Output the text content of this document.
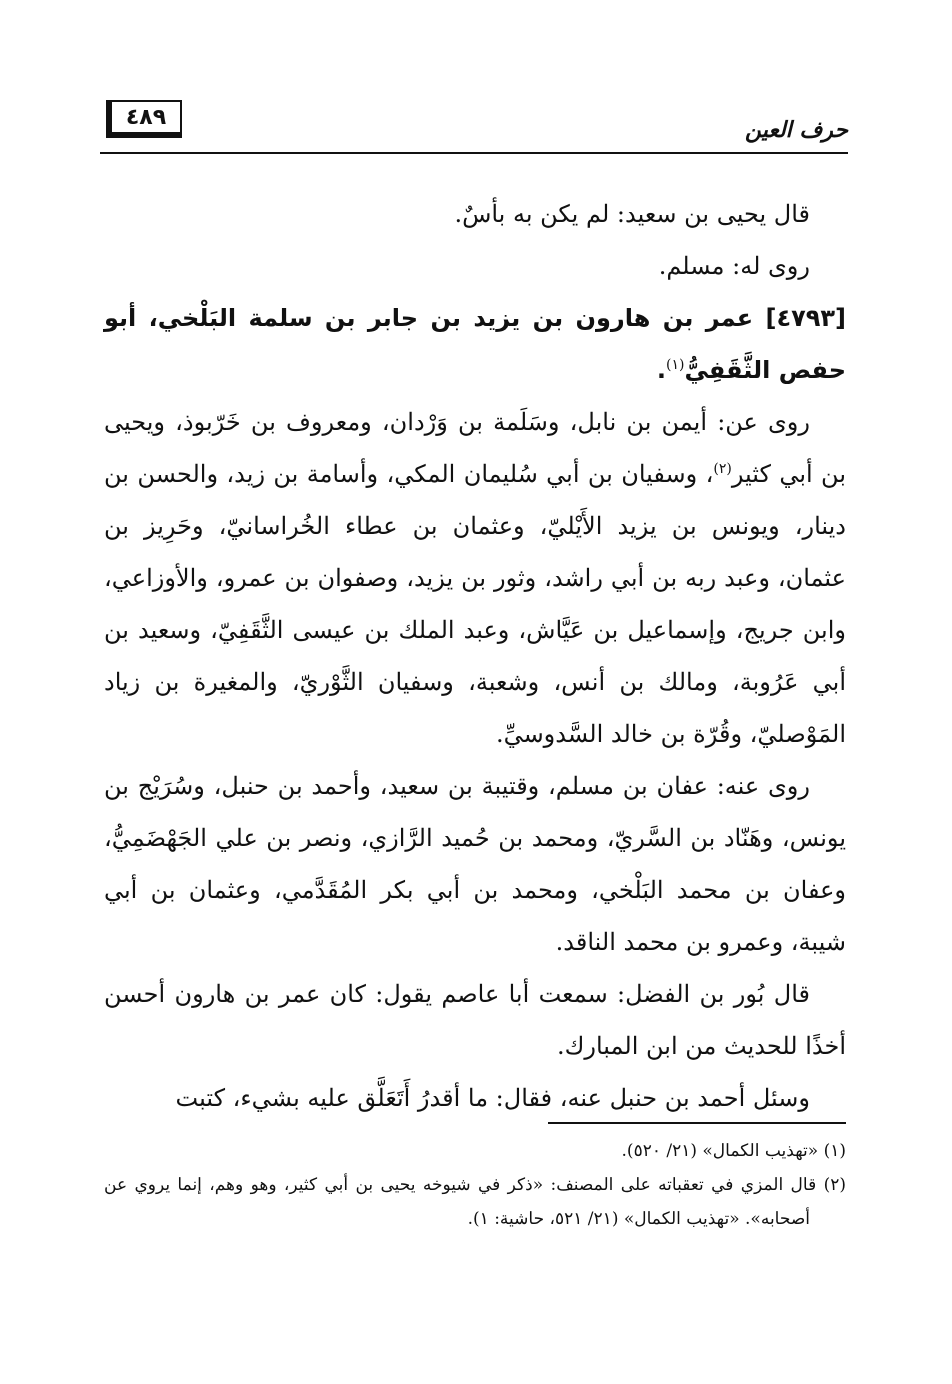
٤٨٩
حرف العين

قال يحيى بن سعيد: لم يكن به بأسٌ.

روى له: مسلم.

[٤٧٩٣] عمر بن هارون بن يزيد بن جابر بن سلمة البَلْخي، أبو حفص الثَّقَفِيُّ$^{(١)}$.

روى عن: أيمن بن نابل، وسَلَمة بن وَرْدان، ومعروف بن خَرّبوذ، ويحيى بن أبي كثير$^{(٢)}$، وسفيان بن أبي سُليمان المكي، وأسامة بن زيد، والحسن بن دينار، ويونس بن يزيد الأَيْليّ، وعثمان بن عطاء الخُراسانيّ، وحَرِيز بن عثمان، وعبد ربه بن أبي راشد، وثور بن يزيد، وصفوان بن عمرو، والأوزاعي، وابن جريج، وإسماعيل بن عَيَّاش، وعبد الملك بن عيسى الثَّقَفِيّ، وسعيد بن أبي عَرُوبة، ومالك بن أنس، وشعبة، وسفيان الثَّوْريّ، والمغيرة بن زياد المَوْصليّ، وقُرّة بن خالد السَّدوسيِّ.

روى عنه: عفان بن مسلم، وقتيبة بن سعيد، وأحمد بن حنبل، وسُرَيْج بن يونس، وهَنّاد بن السَّريّ، ومحمد بن حُميد الرَّازي، ونصر بن علي الجَهْضَمِيُّ، وعفان بن محمد البَلْخي، ومحمد بن أبي بكر المُقَدَّمي، وعثمان بن أبي شيبة، وعمرو بن محمد الناقد.

قال بُور بن الفضل: سمعت أبا عاصم يقول: كان عمر بن هارون أحسن أخذًا للحديث من ابن المبارك.

وسئل أحمد بن حنبل عنه، فقال: ما أقدرُ أَتَعَلَّق عليه بشيء، كتبت

(١) «تهذيب الكمال» (٢١/ ٥٢٠).

(٢) قال المزي في تعقباته على المصنف: «ذكر في شيوخه يحيى بن أبي كثير، وهو وهم، إنما يروي عن أصحابه». «تهذيب الكمال» (٢١/ ٥٢١، حاشية: ١).
